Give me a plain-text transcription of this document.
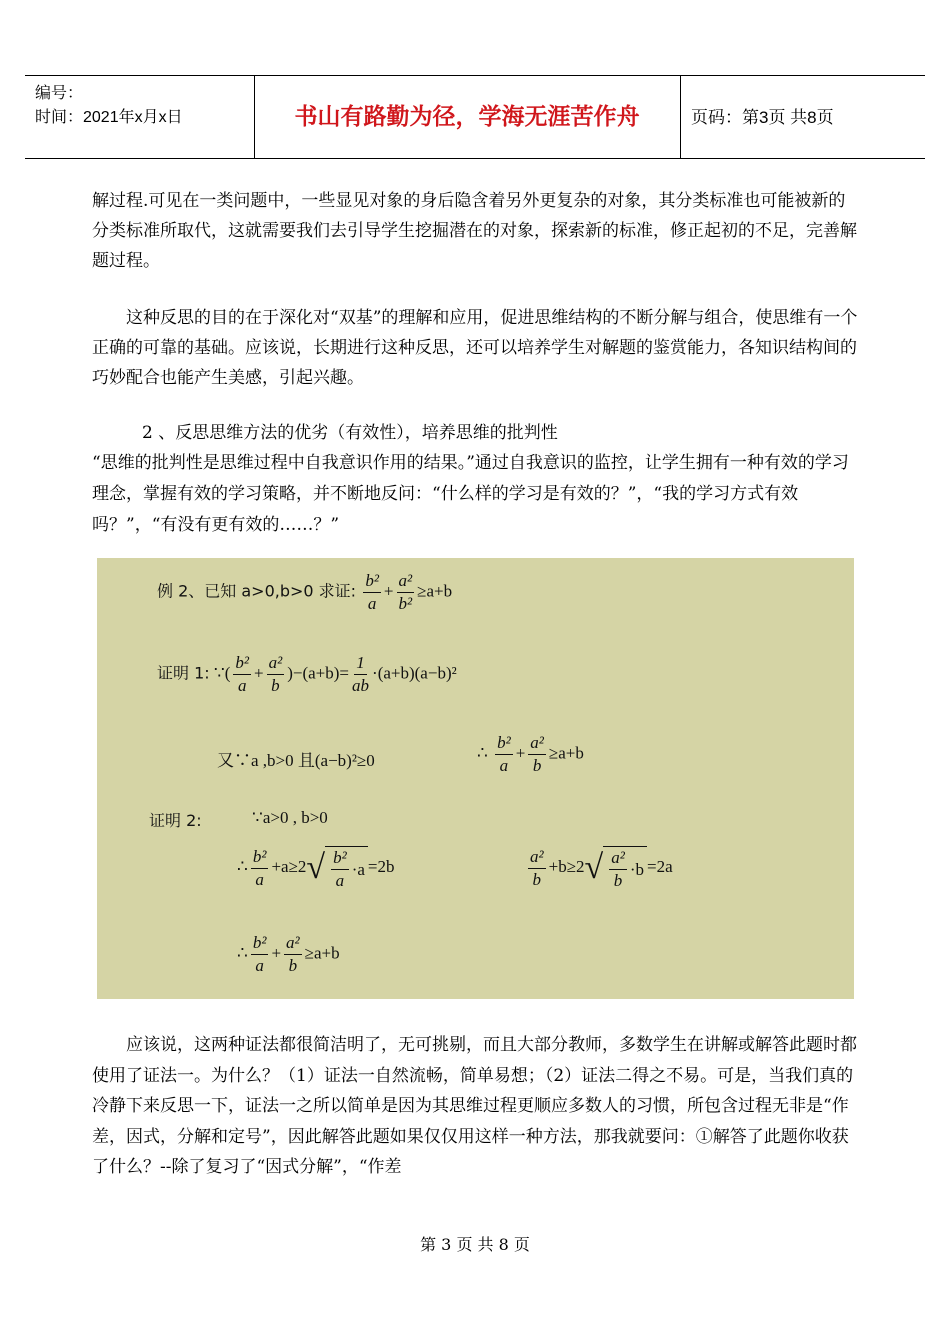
编号：
时间：2021年x月x日	书山有路勤为径，学海无涯苦作舟	页码：第3页 共8页

解过程.可见在一类问题中，一些显见对象的身后隐含着另外更复杂的对象，其分类标准也可能被新的分类标准所取代，这就需要我们去引导学生挖掘潜在的对象，探索新的标准，修正起初的不足，完善解题过程。

这种反思的目的在于深化对“双基”的理解和应用，促进思维结构的不断分解与组合，使思维有一个正确的可靠的基础。应该说，长期进行这种反思，还可以培养学生对解题的鉴赏能力，各知识结构间的巧妙配合也能产生美感，引起兴趣。

2 、反思思维方法的优劣（有效性），培养思维的批判性

“思维的批判性是思维过程中自我意识作用的结果。”通过自我意识的监控，让学生拥有一种有效的学习理念，掌握有效的学习策略，并不断地反问：“什么样的学习是有效的？”，“我的学习方式有效吗？”，“有没有更有效的……？”

例 2、已知 a>0,b>0 求证: $\frac{\text{b²}}{a} + \frac{\text{a²}}{\text{b²}} \ge a+b$
证明 1: ∵( $\frac{\text{b²}}{a} + \frac{\text{a²}}{b} )-(a+b)= \frac{1}{ab} \cdot(a+b)(a-b)^2$
又∵a ,b>0 且(a−b)²≥0	∴ $\frac{\text{b²}}{a} + \frac{\text{a²}}{b} \ge a+b$
证明 2:	∵a>0 , b>0
∴ $\frac{\text{b²}}{a} +a\ge 2$ √ $\frac{\text{b²}}{a} \cdot a =2b$	$\frac{\text{a²}}{b} +b\ge 2$ √ $\frac{\text{a²}}{b} \cdot b =2a$
∴ $\frac{\text{b²}}{a} + \frac{\text{a²}}{b} \ge a+b$

应该说，这两种证法都很简洁明了，无可挑剔，而且大部分教师，多数学生在讲解或解答此题时都使用了证法一。为什么？（1）证法一自然流畅，简单易想；（2）证法二得之不易。可是，当我们真的冷静下来反思一下，证法一之所以简单是因为其思维过程更顺应多数人的习惯，所包含过程无非是“作差，因式，分解和定号”，因此解答此题如果仅仅用这样一种方法，那我就要问：①解答了此题你收获了什么？--除了复习了“因式分解”，“作差

第 3 页 共 8 页
